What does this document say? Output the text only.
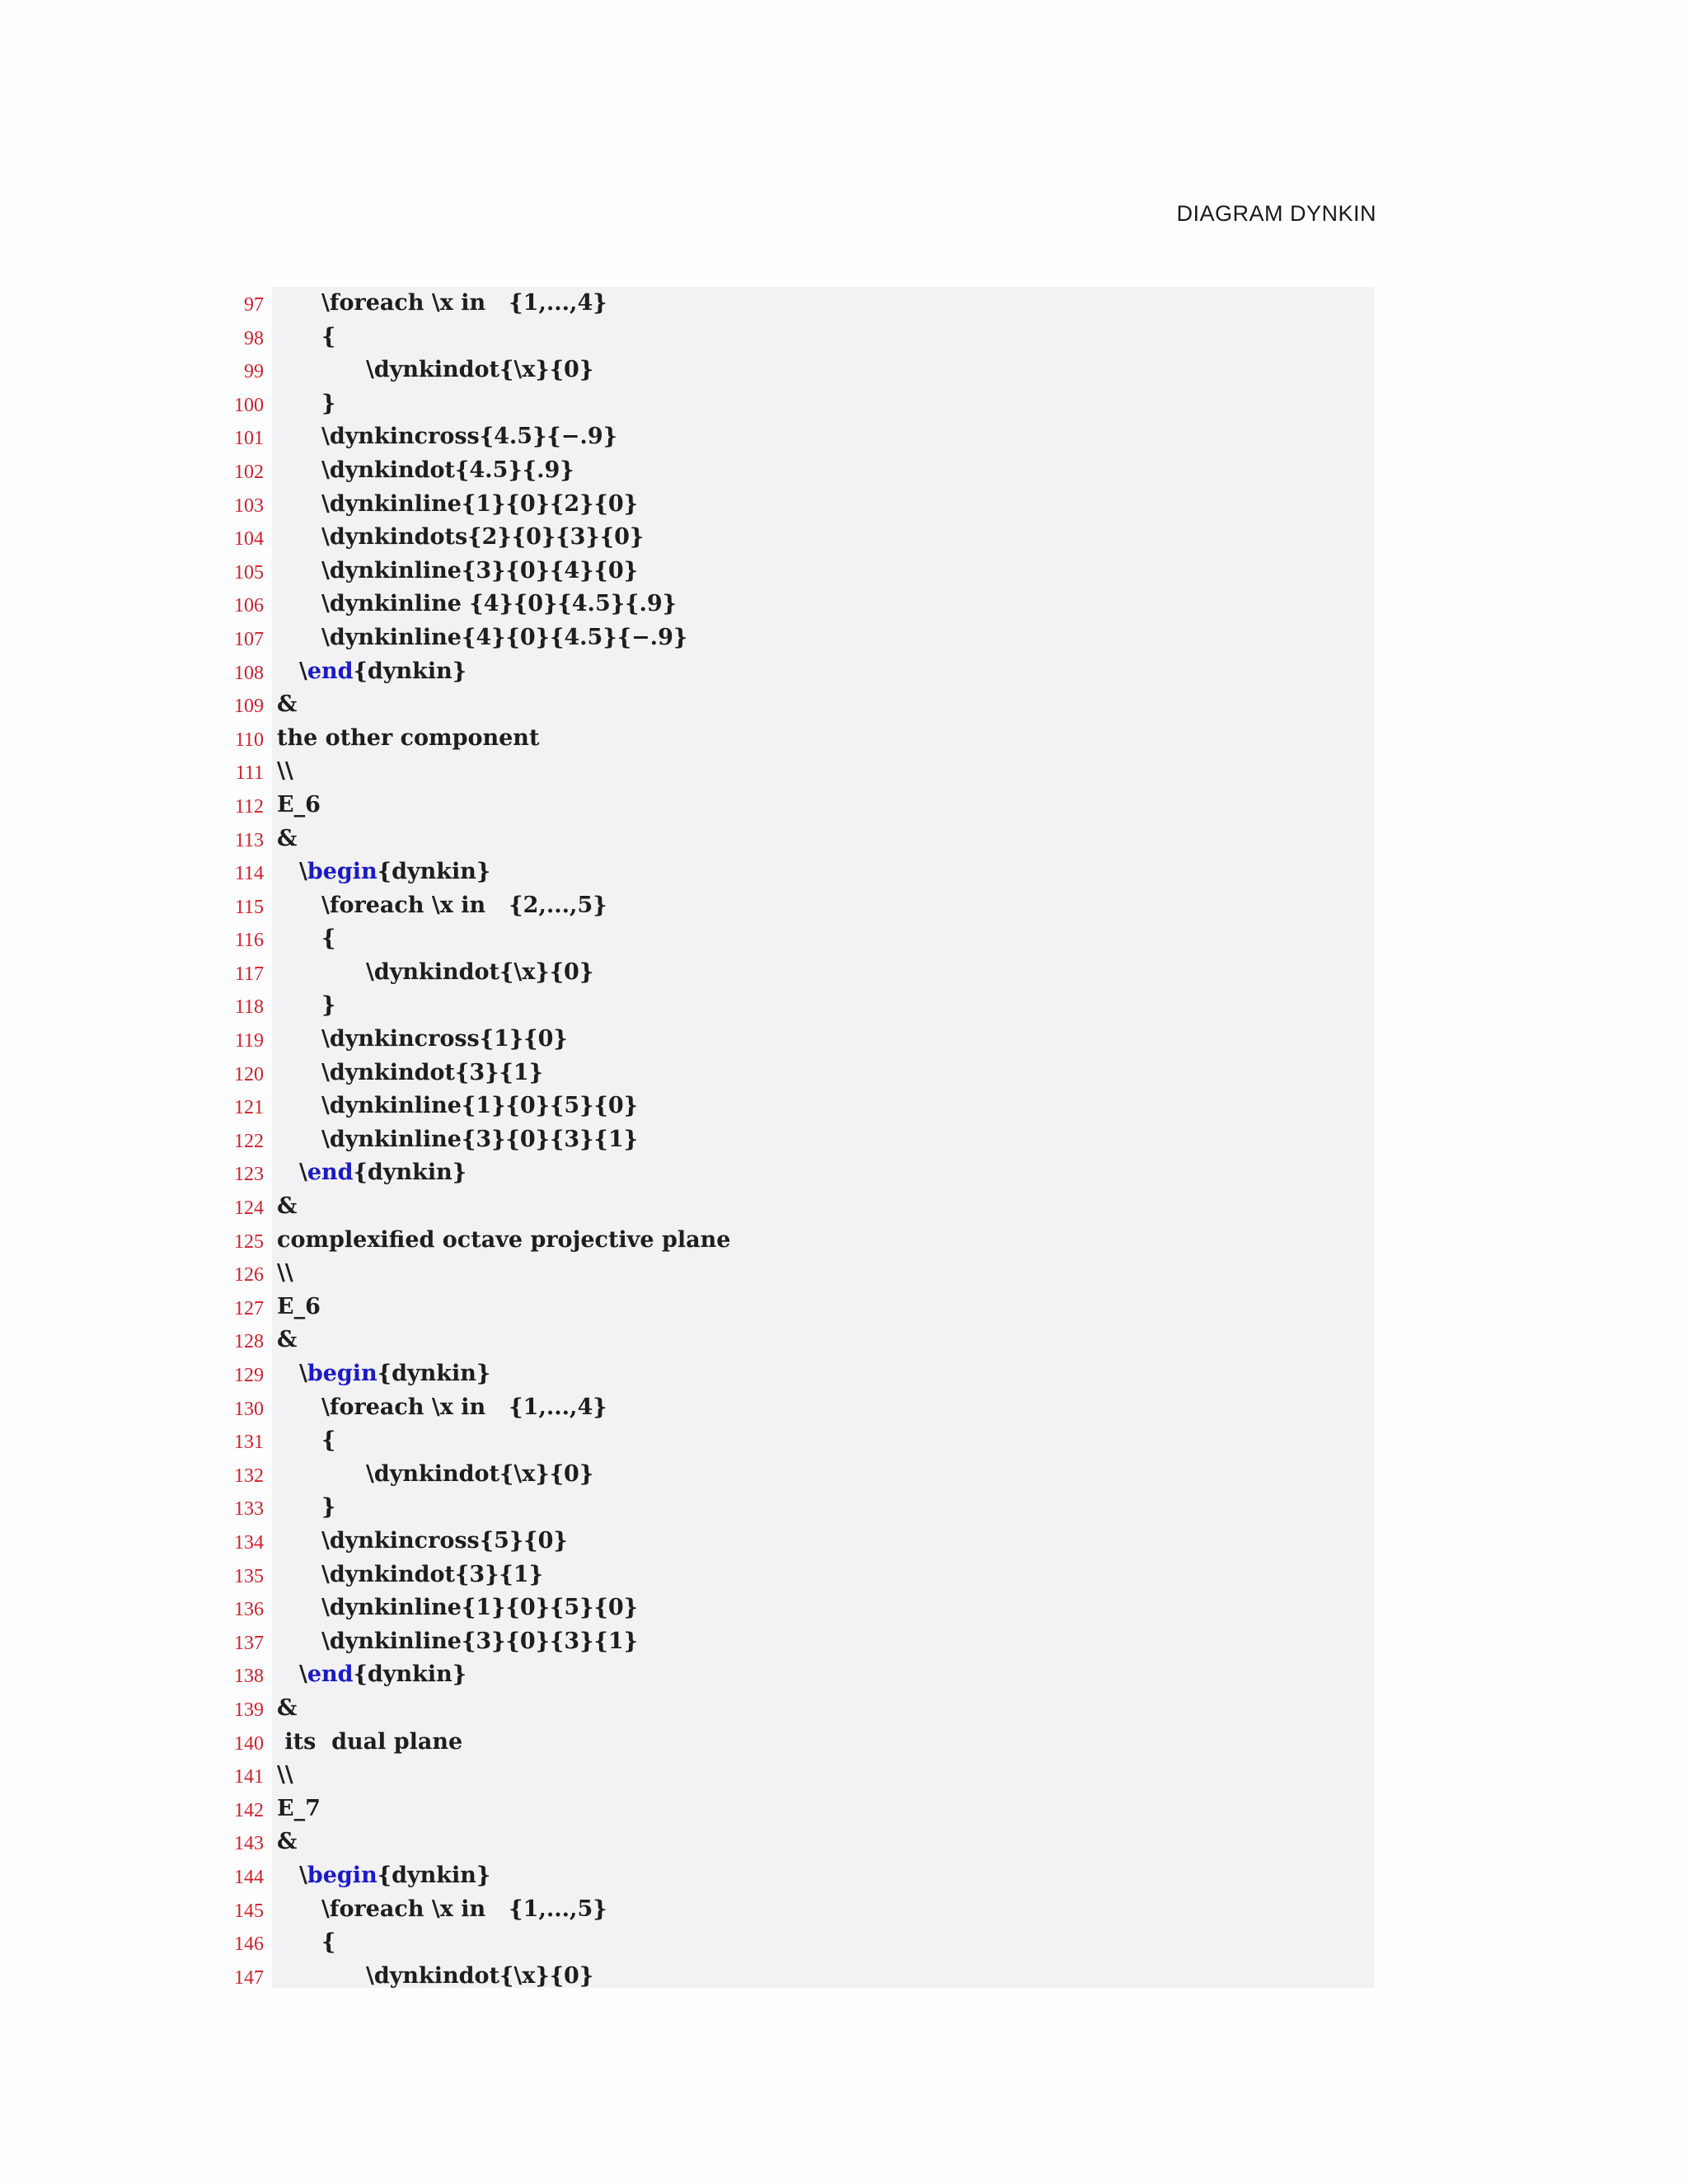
DIAGRAM DYNKIN
97	\foreach \x in   {1,...,4}
98	{
99	\dynkindot{\x}{0}
100	}
101	\dynkincross{4.5}{−.9}
102	\dynkindot{4.5}{.9}
103	\dynkinline{1}{0}{2}{0}
104	\dynkindots{2}{0}{3}{0}
105	\dynkinline{3}{0}{4}{0}
106	\dynkinline {4}{0}{4.5}{.9}
107	\dynkinline{4}{0}{4.5}{−.9}
108 \end{dynkin}
109 &
110 the other component
111 \\
112 E_6
113 &
114 \begin{dynkin}
115	\foreach \x in   {2,...,5}
116	{
117	\dynkindot{\x}{0}
118	}
119	\dynkincross{1}{0}
120	\dynkindot{3}{1}
121	\dynkinline{1}{0}{5}{0}
122	\dynkinline{3}{0}{3}{1}
123 \end{dynkin}
124 &
125 complexified octave projective plane
126 \\
127 E_6
128 &
129 \begin{dynkin}
130	\foreach \x in   {1,...,4}
131	{
132	\dynkindot{\x}{0}
133	}
134	\dynkincross{5}{0}
135	\dynkindot{3}{1}
136	\dynkinline{1}{0}{5}{0}
137	\dynkinline{3}{0}{3}{1}
138 \end{dynkin}
139 &
140 its  dual plane
141 \\
142 E_7
143 &
144 \begin{dynkin}
145	\foreach \x in   {1,...,5}
146	{
147	\dynkindot{\x}{0}
